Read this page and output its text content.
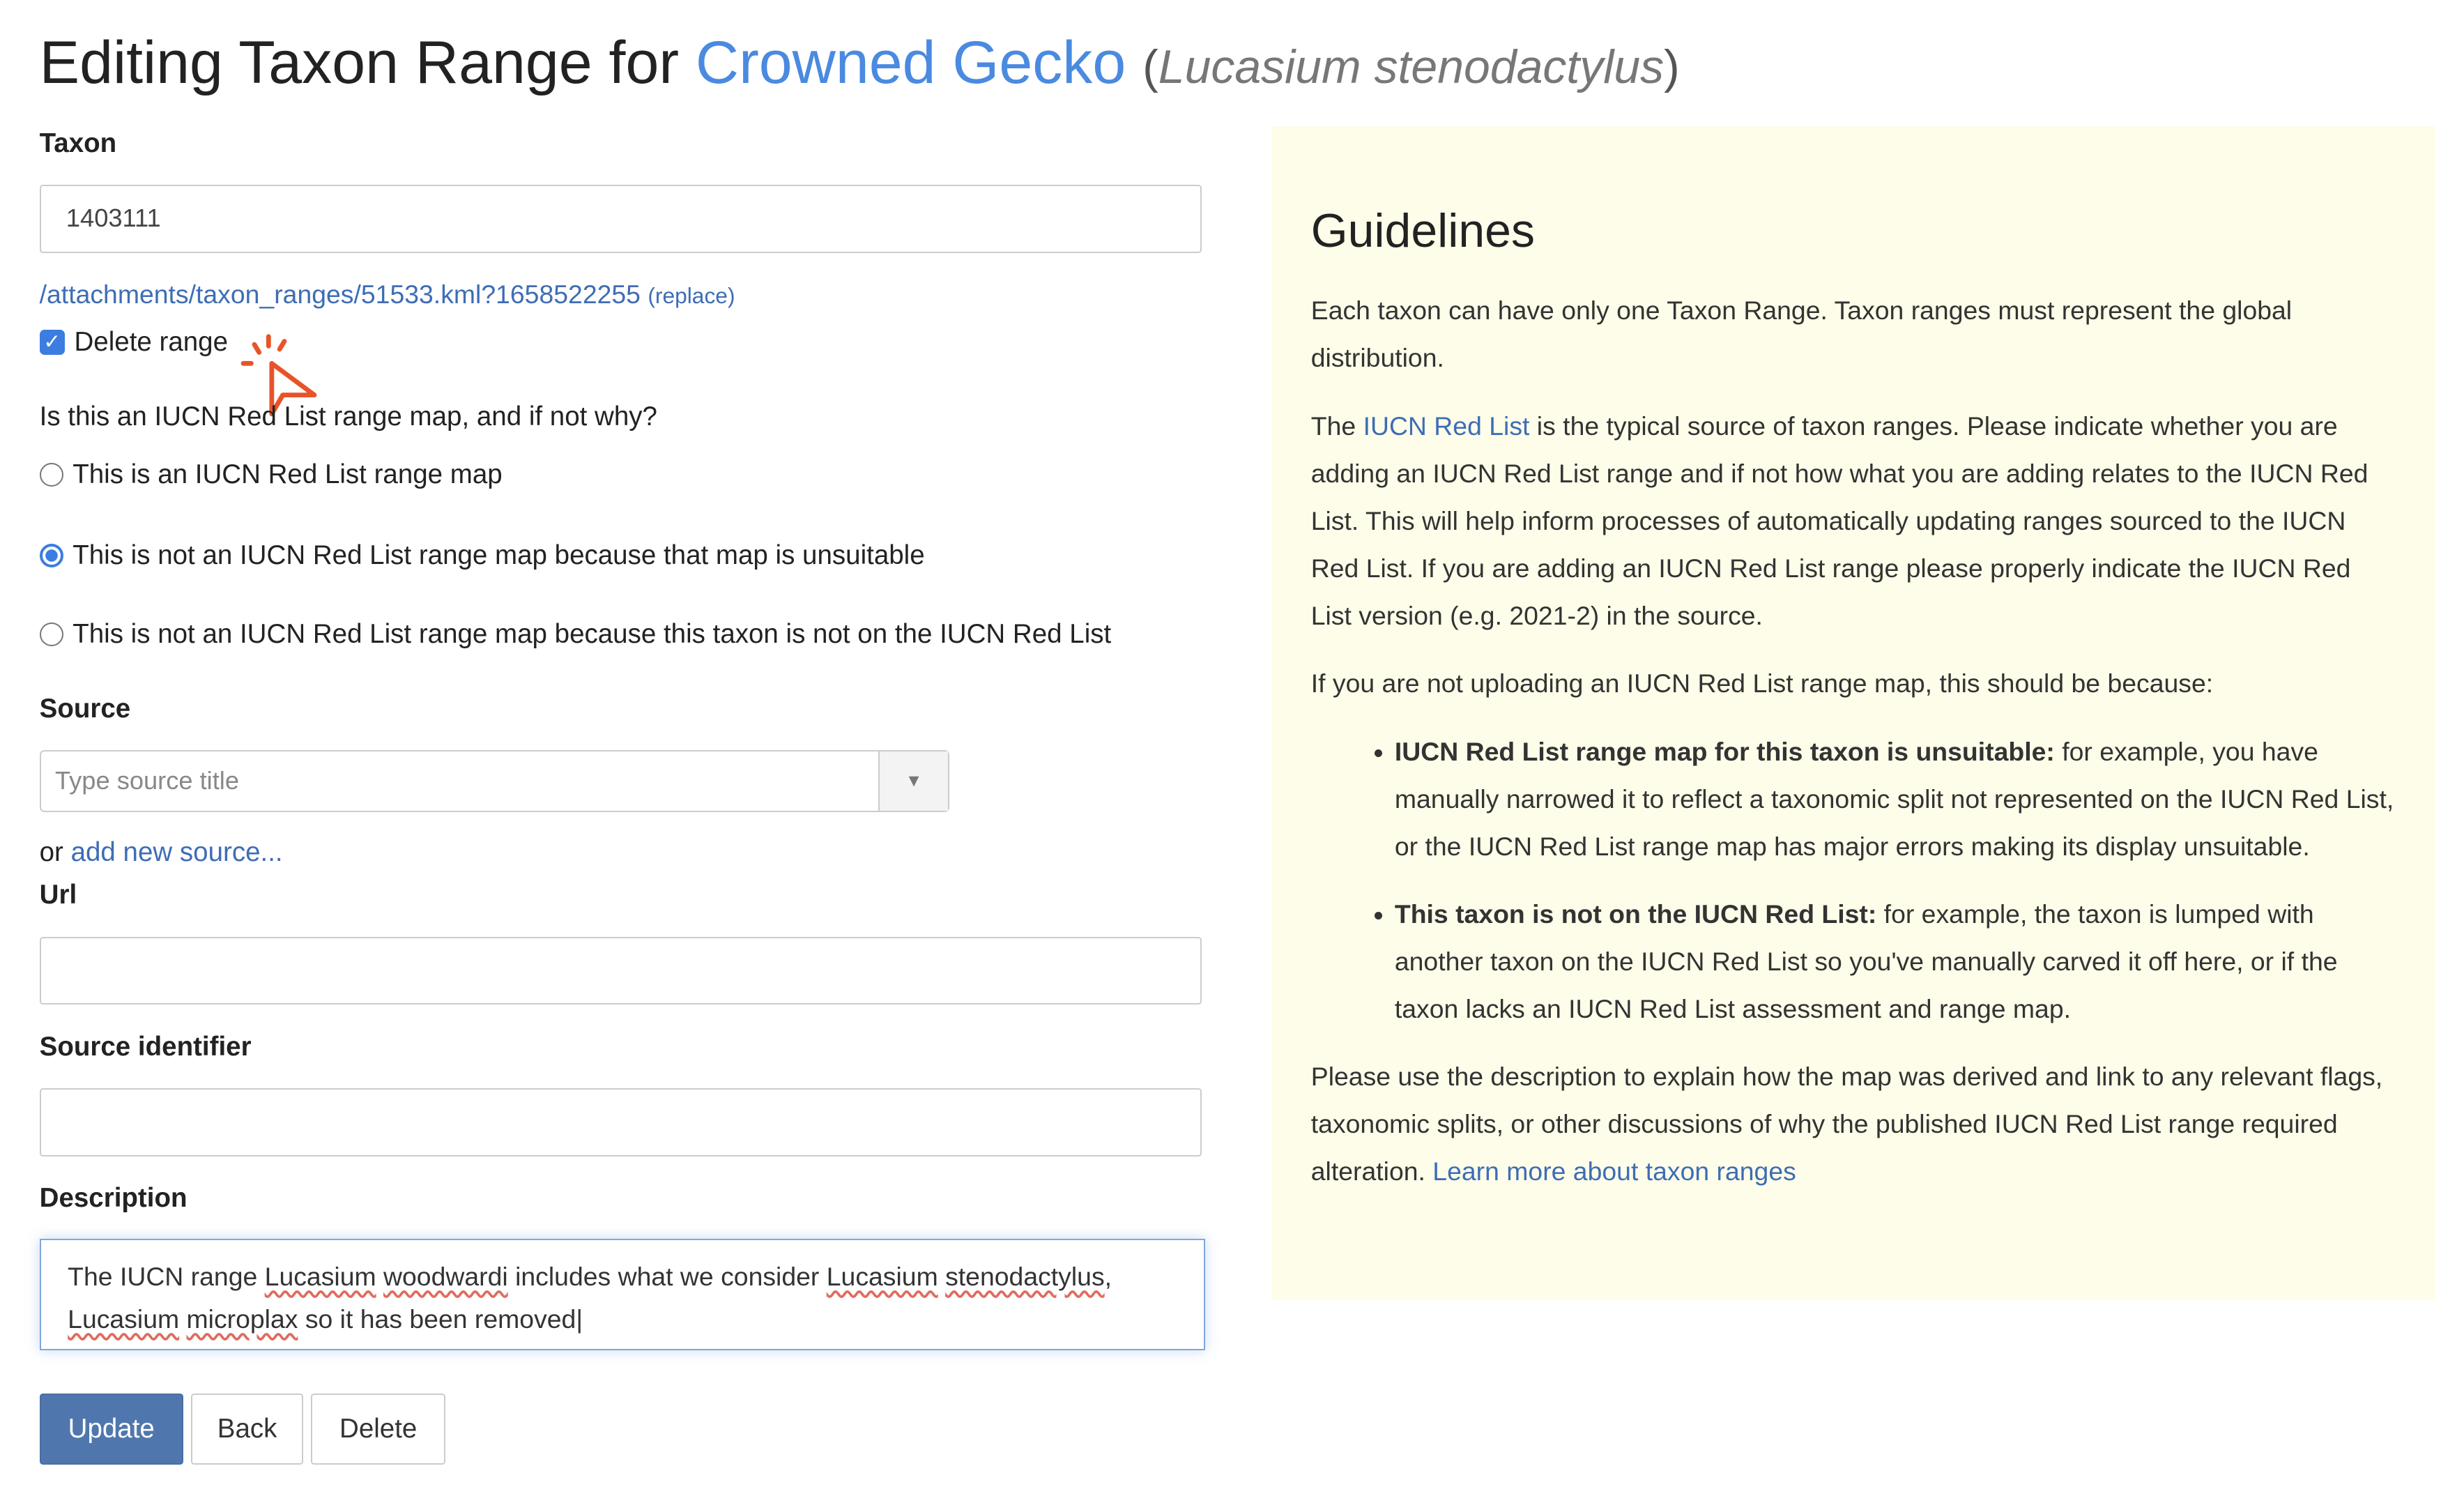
Editing Taxon Range for Crowned Gecko (Lucasium stenodactylus)
Taxon
1403111
/attachments/taxon_ranges/51533.kml?1658522255 (replace)
✓	Delete range
Is this an IUCN Red List range map, and if not why?
This is an IUCN Red List range map
This is not an IUCN Red List range map because that map is unsuitable
This is not an IUCN Red List range map because this taxon is not on the IUCN Red List
Source
Type source title	▼
or add new source...
Url
Source identifier
Description
The IUCN range Lucasium woodwardi includes what we consider Lucasium stenodactylus,
Lucasium microplax so it has been removed|
Update	Back	Delete
Guidelines

Each taxon can have only one Taxon Range. Taxon ranges must represent the global distribution.

The IUCN Red List is the typical source of taxon ranges. Please indicate whether you are adding an IUCN Red List range and if not how what you are adding relates to the IUCN Red List. This will help inform processes of automatically updating ranges sourced to the IUCN Red List. If you are adding an IUCN Red List range please properly indicate the IUCN Red List version (e.g. 2021-2) in the source.

If you are not uploading an IUCN Red List range map, this should be because:

• IUCN Red List range map for this taxon is unsuitable: for example, you have manually narrowed it to reflect a taxonomic split not represented on the IUCN Red List, or the IUCN Red List range map has major errors making its display unsuitable.
• This taxon is not on the IUCN Red List: for example, the taxon is lumped with another taxon on the IUCN Red List so you've manually carved it off here, or if the taxon lacks an IUCN Red List assessment and range map.

Please use the description to explain how the map was derived and link to any relevant flags, taxonomic splits, or other discussions of why the published IUCN Red List range required alteration. Learn more about taxon ranges
